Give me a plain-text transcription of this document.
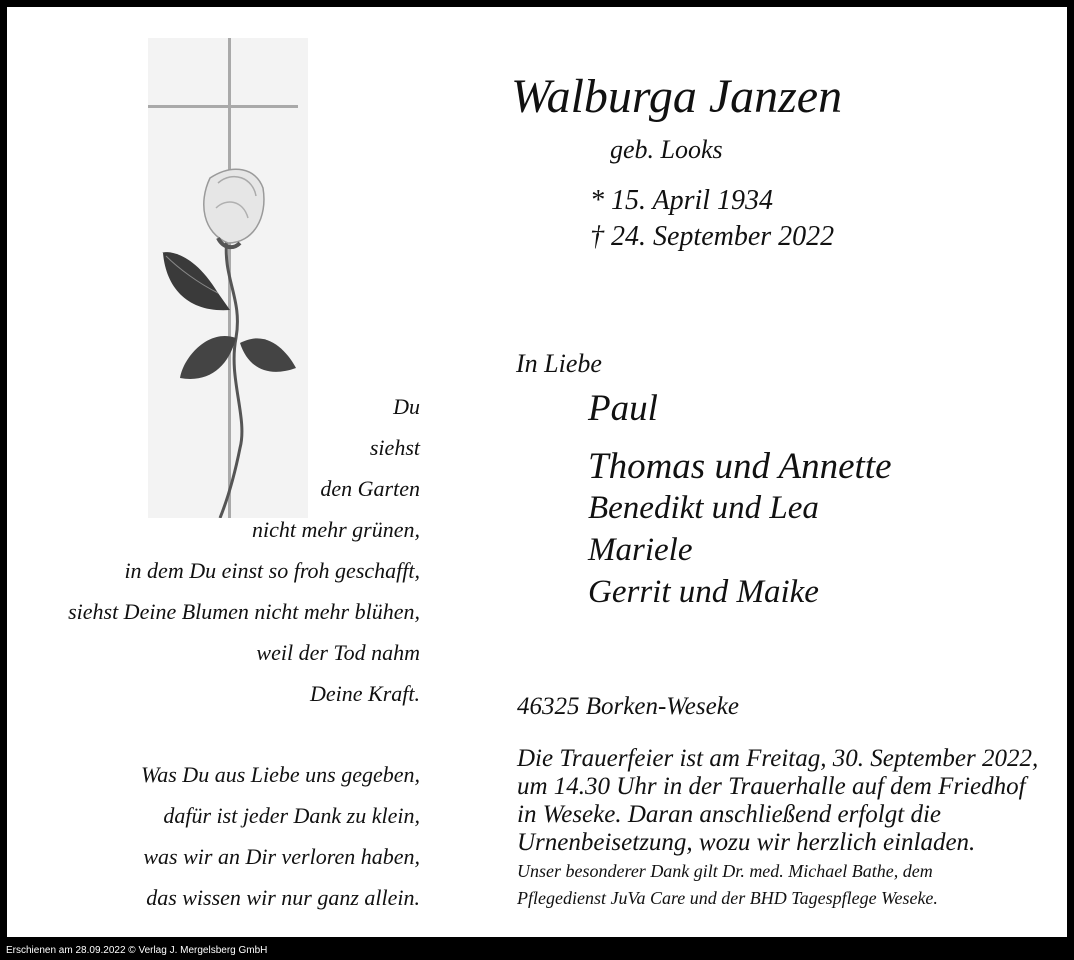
Walburga Janzen
geb. Looks
* 15. April 1934
† 24. September 2022
In Liebe
Paul
Thomas und Annette
Benedikt und Lea
Mariele
Gerrit und Maike
46325 Borken-Weseke
Die Trauerfeier ist am Freitag, 30. September 2022,
um 14.30 Uhr in der Trauerhalle auf dem Friedhof
in Weseke. Daran anschließend erfolgt die
Urnenbeisetzung, wozu wir herzlich einladen.
Unser besonderer Dank gilt Dr. med. Michael Bathe, dem
Pflegedienst JuVa Care und der BHD Tagespflege Weseke.
Du
siehst
den Garten
nicht mehr grünen,
in dem Du einst so froh geschafft,
siehst Deine Blumen nicht mehr blühen,
weil der Tod nahm
Deine Kraft.
Was Du aus Liebe uns gegeben,
dafür ist jeder Dank zu klein,
was wir an Dir verloren haben,
das wissen wir nur ganz allein.
Erschienen am 28.09.2022 © Verlag J. Mergelsberg GmbH
